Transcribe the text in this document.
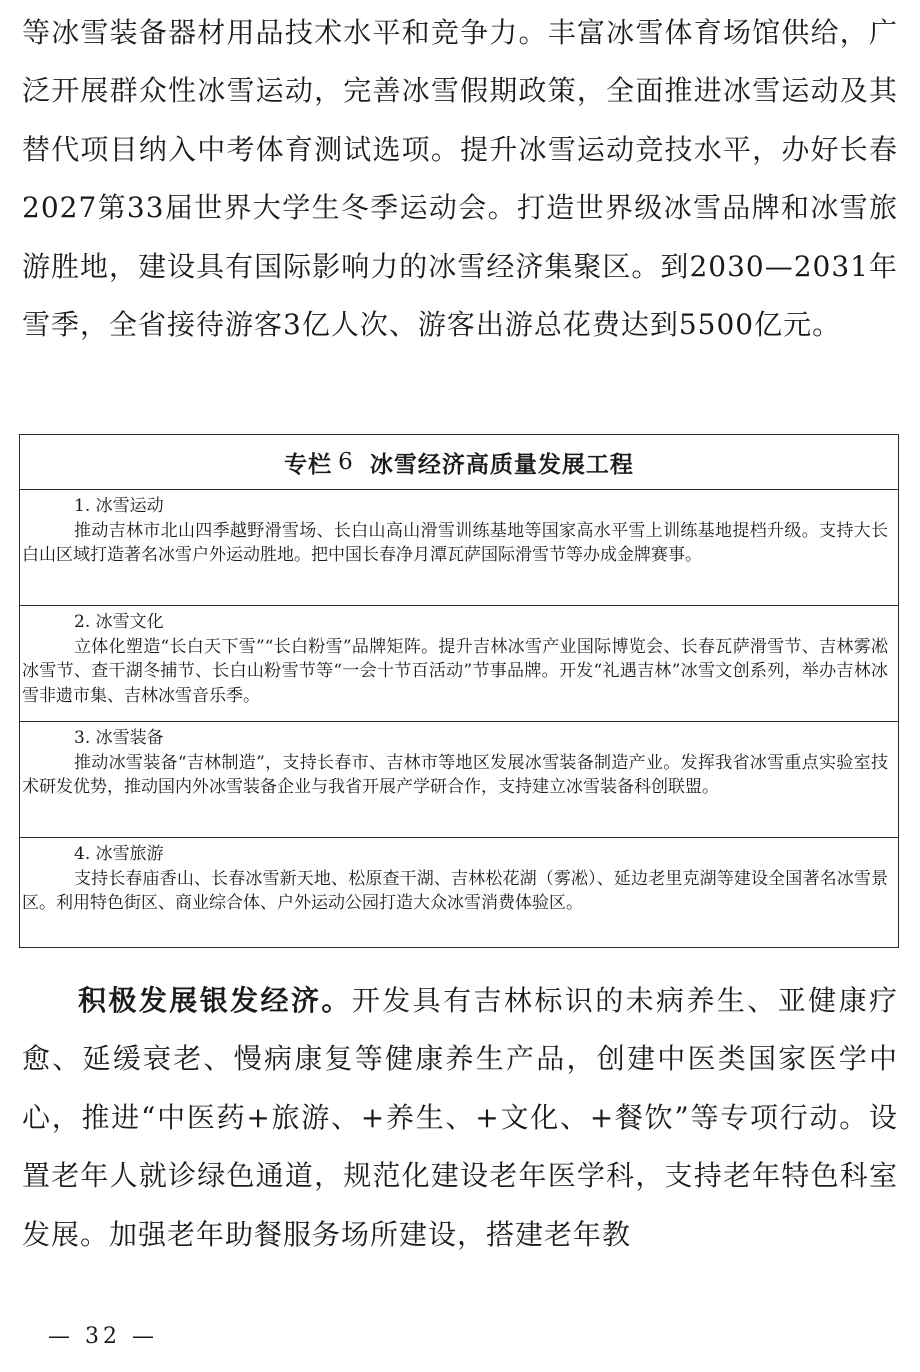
等冰雪装备器材用品技术水平和竞争力。丰富冰雪体育场馆供给，广泛开展群众性冰雪运动，完善冰雪假期政策，全面推进冰雪运动及其替代项目纳入中考体育测试选项。提升冰雪运动竞技水平，办好长春2027第33届世界大学生冬季运动会。打造世界级冰雪品牌和冰雪旅游胜地，建设具有国际影响力的冰雪经济集聚区。到2030—2031年雪季，全省接待游客3亿人次、游客出游总花费达到5500亿元。

专栏 6 冰雪经济高质量发展工程
1. 冰雪运动
推动吉林市北山四季越野滑雪场、长白山高山滑雪训练基地等国家高水平雪上训练基地提档升级。支持大长白山区域打造著名冰雪户外运动胜地。把中国长春净月潭瓦萨国际滑雪节等办成金牌赛事。
2. 冰雪文化
立体化塑造“长白天下雪”“长白粉雪”品牌矩阵。提升吉林冰雪产业国际博览会、长春瓦萨滑雪节、吉林雾凇冰雪节、查干湖冬捕节、长白山粉雪节等“一会十节百活动”节事品牌。开发“礼遇吉林”冰雪文创系列，举办吉林冰雪非遗市集、吉林冰雪音乐季。
3. 冰雪装备
推动冰雪装备“吉林制造”，支持长春市、吉林市等地区发展冰雪装备制造产业。发挥我省冰雪重点实验室技术研发优势，推动国内外冰雪装备企业与我省开展产学研合作，支持建立冰雪装备科创联盟。
4. 冰雪旅游
支持长春庙香山、长春冰雪新天地、松原查干湖、吉林松花湖（雾凇）、延边老里克湖等建设全国著名冰雪景区。利用特色街区、商业综合体、户外运动公园打造大众冰雪消费体验区。

积极发展银发经济。开发具有吉林标识的未病养生、亚健康疗愈、延缓衰老、慢病康复等健康养生产品，创建中医类国家医学中心，推进“中医药+旅游、+养生、+文化、+餐饮”等专项行动。设置老年人就诊绿色通道，规范化建设老年医学科，支持老年特色科室发展。加强老年助餐服务场所建设，搭建老年教

— 32 —
